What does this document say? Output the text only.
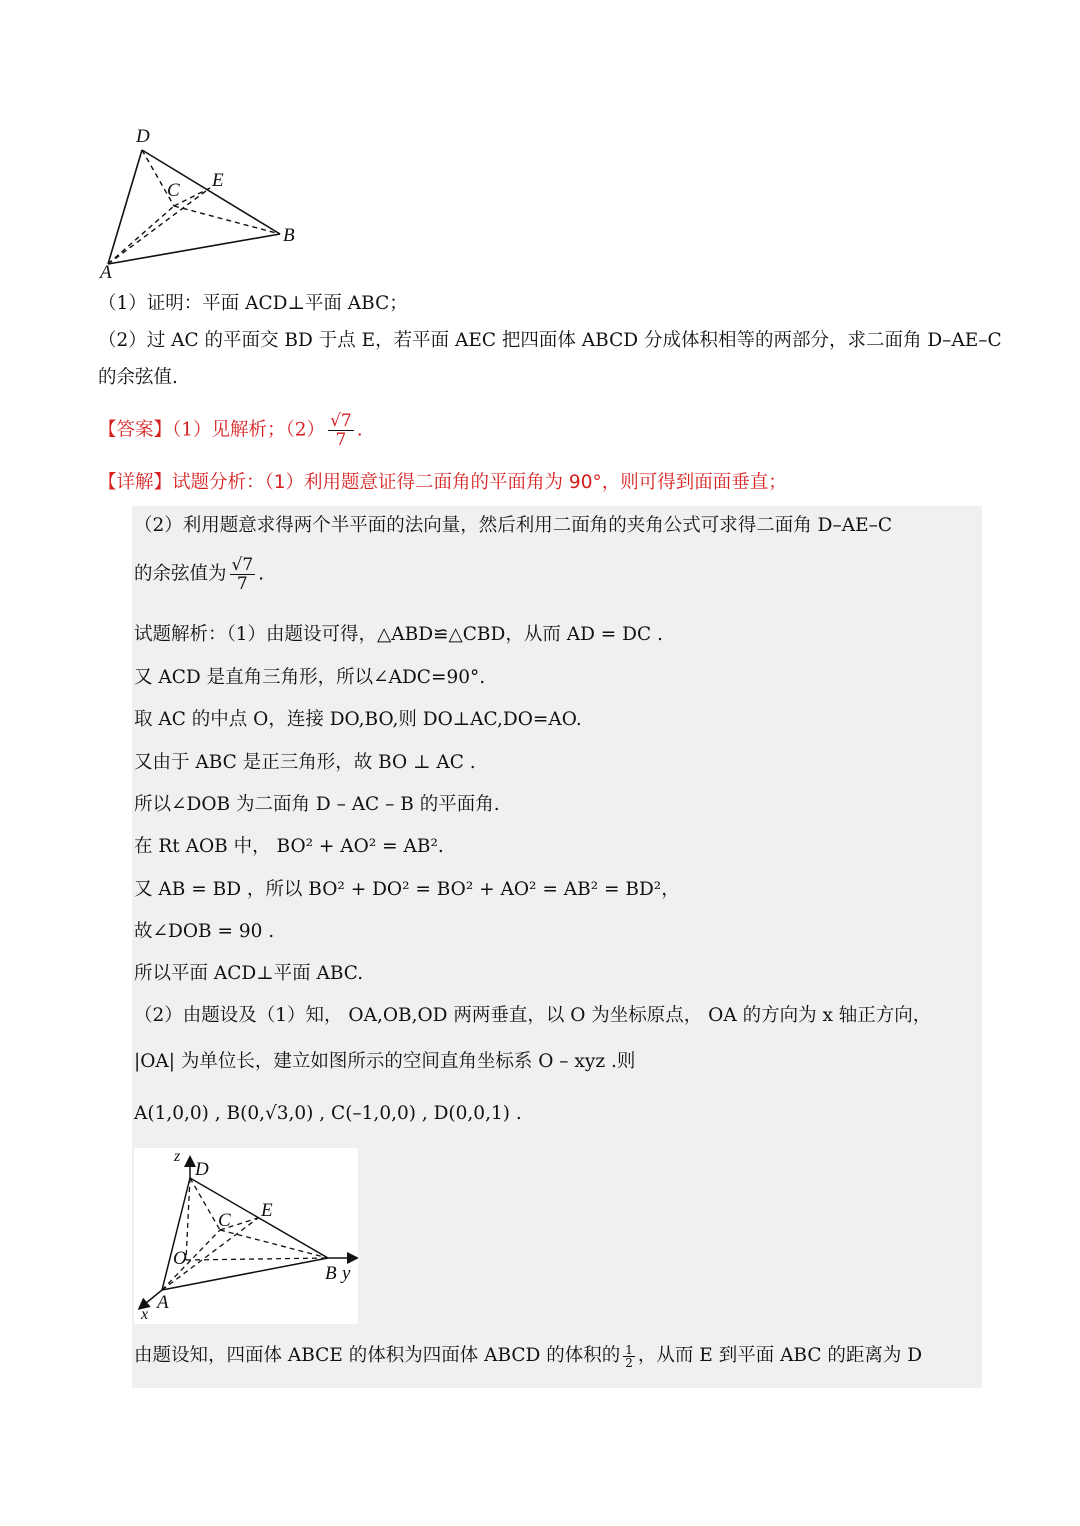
D
C E
B
A
（1）证明：平面 ACD⊥平面 ABC；
（2）过 AC 的平面交 BD 于点 E，若平面 AEC 把四面体 ABCD 分成体积相等的两部分，求二面角 D–AE–C
的余弦值.
【答案】（1）见解析；$(2) \frac{√7}{7}$ .
【详解】试题分析：（1）利用题意证得二面角的平面角为 90°，则可得到面面垂直；
（2）利用题意求得两个半平面的法向量，然后利用二面角的夹角公式可求得二面角 D–AE–C
的余弦值为 $\frac{√7}{7}$ .
试题解析：（1）由题设可得，△ABD≌△CBD，从而 AD = DC .
又 ACD 是直角三角形，所以∠ADC=90°.
取 AC 的中点 O，连接 DO,BO,则 DO⊥AC,DO=AO.
又由于 ABC 是正三角形，故 BO ⊥ AC .
所以∠DOB 为二面角 D – AC – B 的平面角.
在 Rt AOB 中， BO² + AO² = AB².
又 AB = BD ，所以 BO² + DO² = BO² + AO² = AB² = BD²，
故∠DOB = 90 .
所以平面 ACD⊥平面 ABC.
（2）由题设及（1）知， OA,OB,OD 两两垂直，以 O 为坐标原点， OA 的方向为 x 轴正方向，
|OA| 为单位长，建立如图所示的空间直角坐标系 O – xyz .则
A(1,0,0) , B(0,√3,0) , C(–1,0,0) , D(0,0,1) .
z
D
C E
O
B y
A
x
由题设知，四面体 ABCE 的体积为四面体 ABCD 的体积的 $\frac{1}{2}$ ，从而 E 到平面 ABC 的距离为 D
